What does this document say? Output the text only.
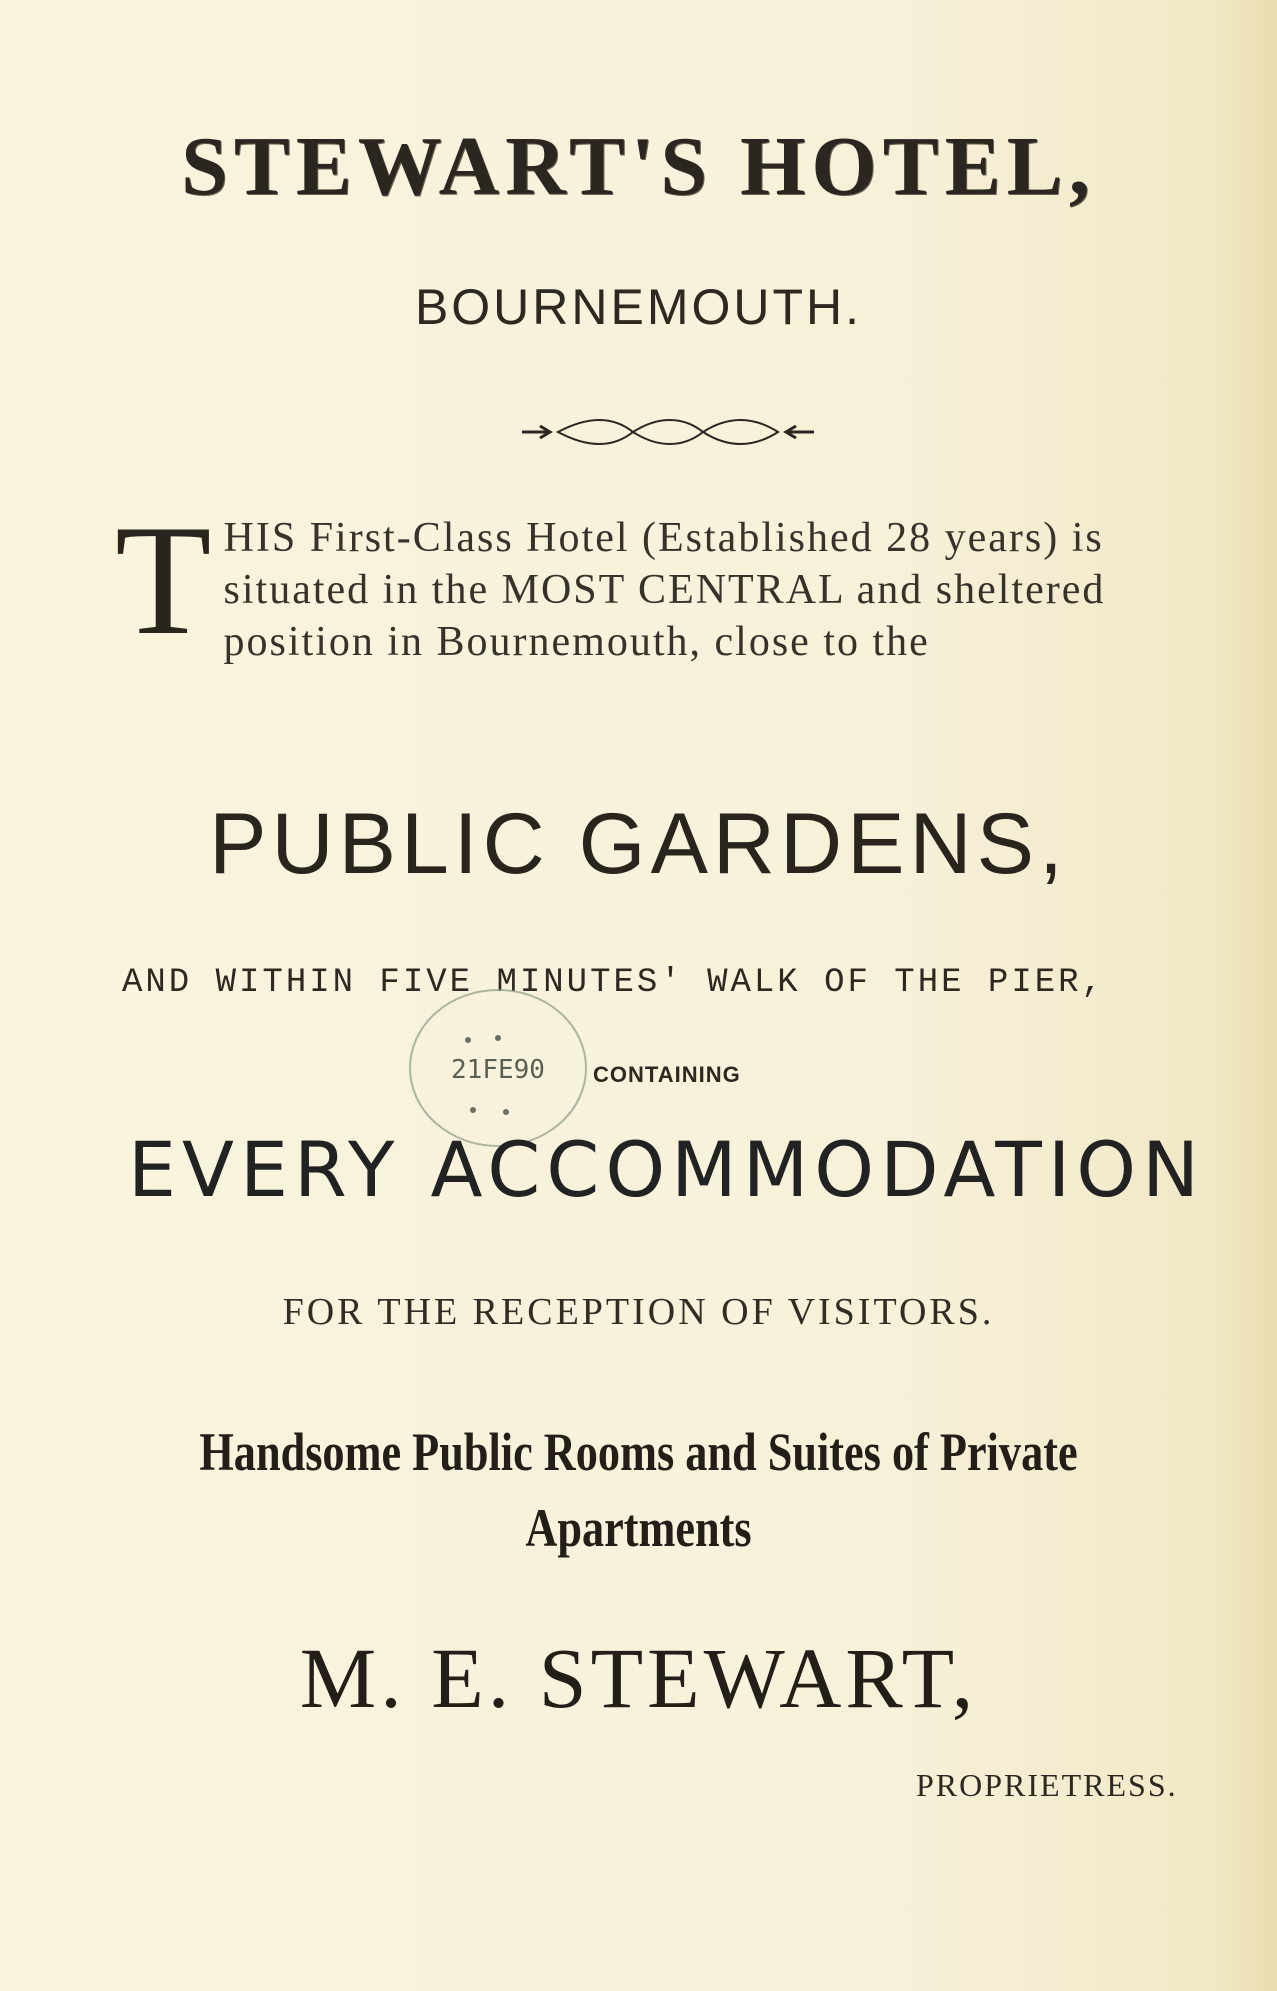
STEWART'S HOTEL,
BOURNEMOUTH.
T HIS First-Class Hotel (Established 28 years) is situated in the MOST CENTRAL and sheltered position in Bournemouth, close to the
PUBLIC GARDENS,
AND WITHIN FIVE MINUTES' WALK OF THE PIER,
21FE90 CONTAINING
EVERY ACCOMMODATION
FOR THE RECEPTION OF VISITORS.
Handsome Public Rooms and Suites of Private
Apartments
M. E. STEWART,
PROPRIETRESS.
